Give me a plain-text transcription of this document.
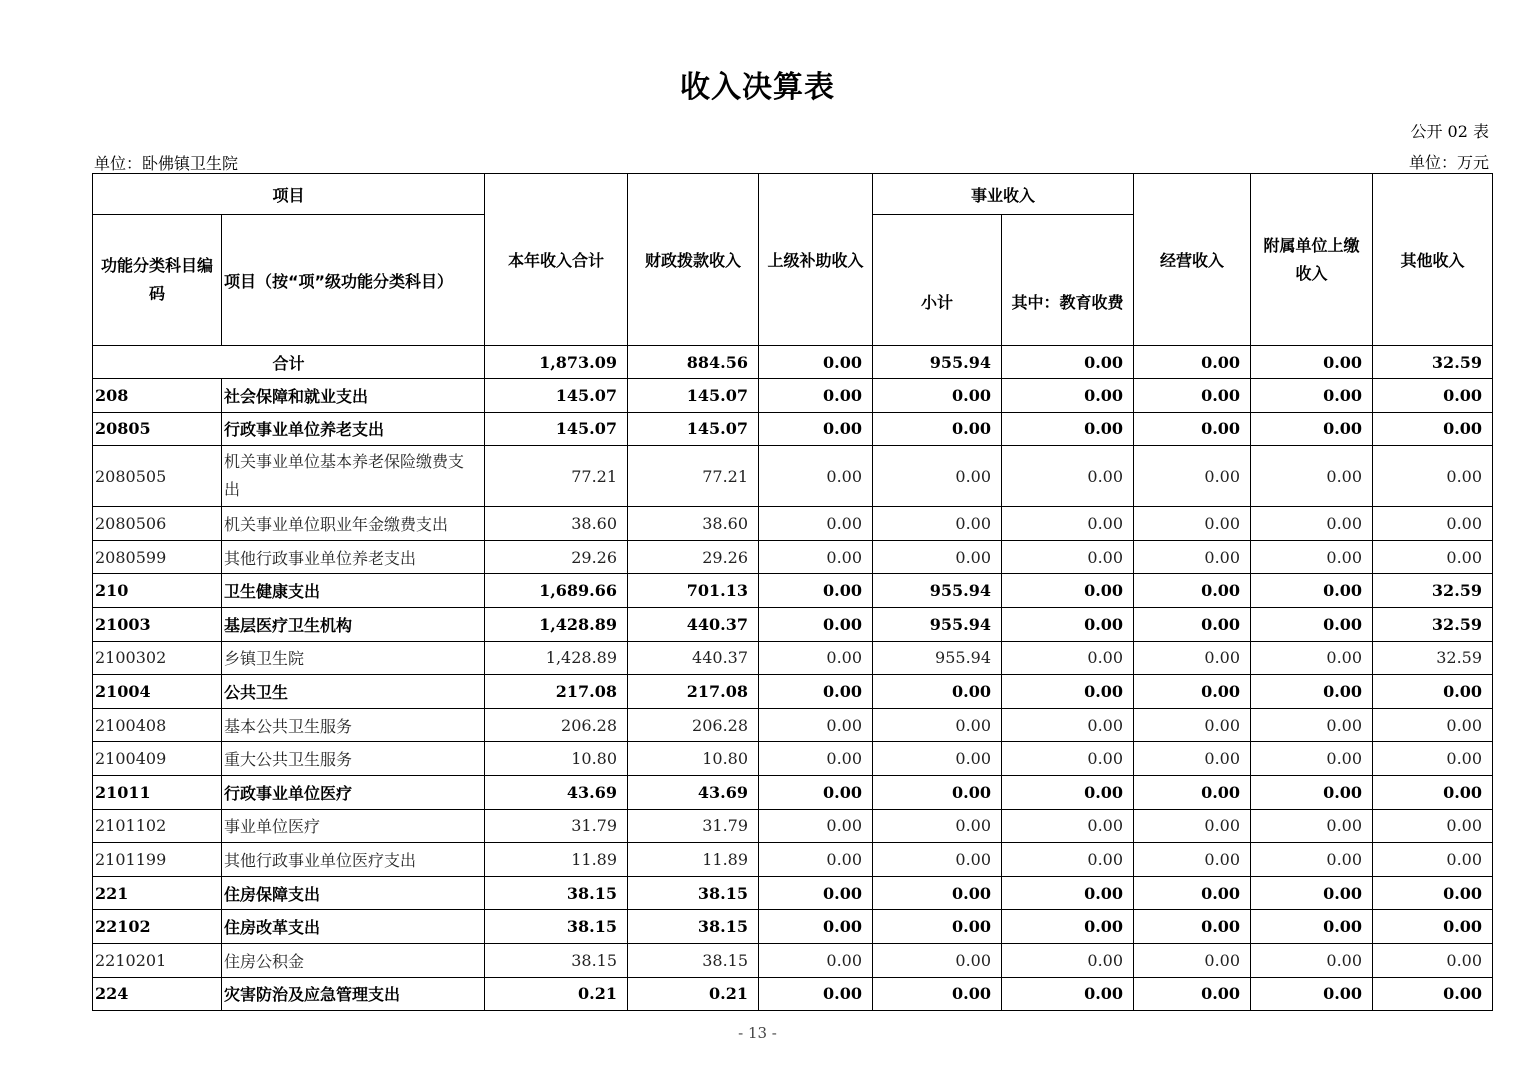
收入决算表
公开 02 表
单位：卧佛镇卫生院	单位：万元
项目		本年收入合计	财政拨款收入	上级补助收入	事业收入		经营收入	附属单位上缴收入	其他收入
功能分类科目编码	项目（按“项”级功能分类科目）				小计	其中：教育收费			
合计		1,873.09	884.56	0.00	955.94	0.00	0.00	0.00	32.59
208	社会保障和就业支出	145.07	145.07	0.00	0.00	0.00	0.00	0.00	0.00
20805	行政事业单位养老支出	145.07	145.07	0.00	0.00	0.00	0.00	0.00	0.00
2080505	机关事业单位基本养老保险缴费支出	77.21	77.21	0.00	0.00	0.00	0.00	0.00	0.00
2080506	机关事业单位职业年金缴费支出	38.60	38.60	0.00	0.00	0.00	0.00	0.00	0.00
2080599	其他行政事业单位养老支出	29.26	29.26	0.00	0.00	0.00	0.00	0.00	0.00
210	卫生健康支出	1,689.66	701.13	0.00	955.94	0.00	0.00	0.00	32.59
21003	基层医疗卫生机构	1,428.89	440.37	0.00	955.94	0.00	0.00	0.00	32.59
2100302	乡镇卫生院	1,428.89	440.37	0.00	955.94	0.00	0.00	0.00	32.59
21004	公共卫生	217.08	217.08	0.00	0.00	0.00	0.00	0.00	0.00
2100408	基本公共卫生服务	206.28	206.28	0.00	0.00	0.00	0.00	0.00	0.00
2100409	重大公共卫生服务	10.80	10.80	0.00	0.00	0.00	0.00	0.00	0.00
21011	行政事业单位医疗	43.69	43.69	0.00	0.00	0.00	0.00	0.00	0.00
2101102	事业单位医疗	31.79	31.79	0.00	0.00	0.00	0.00	0.00	0.00
2101199	其他行政事业单位医疗支出	11.89	11.89	0.00	0.00	0.00	0.00	0.00	0.00
221	住房保障支出	38.15	38.15	0.00	0.00	0.00	0.00	0.00	0.00
22102	住房改革支出	38.15	38.15	0.00	0.00	0.00	0.00	0.00	0.00
2210201	住房公积金	38.15	38.15	0.00	0.00	0.00	0.00	0.00	0.00
224	灾害防治及应急管理支出	0.21	0.21	0.00	0.00	0.00	0.00	0.00	0.00
- 13 -
